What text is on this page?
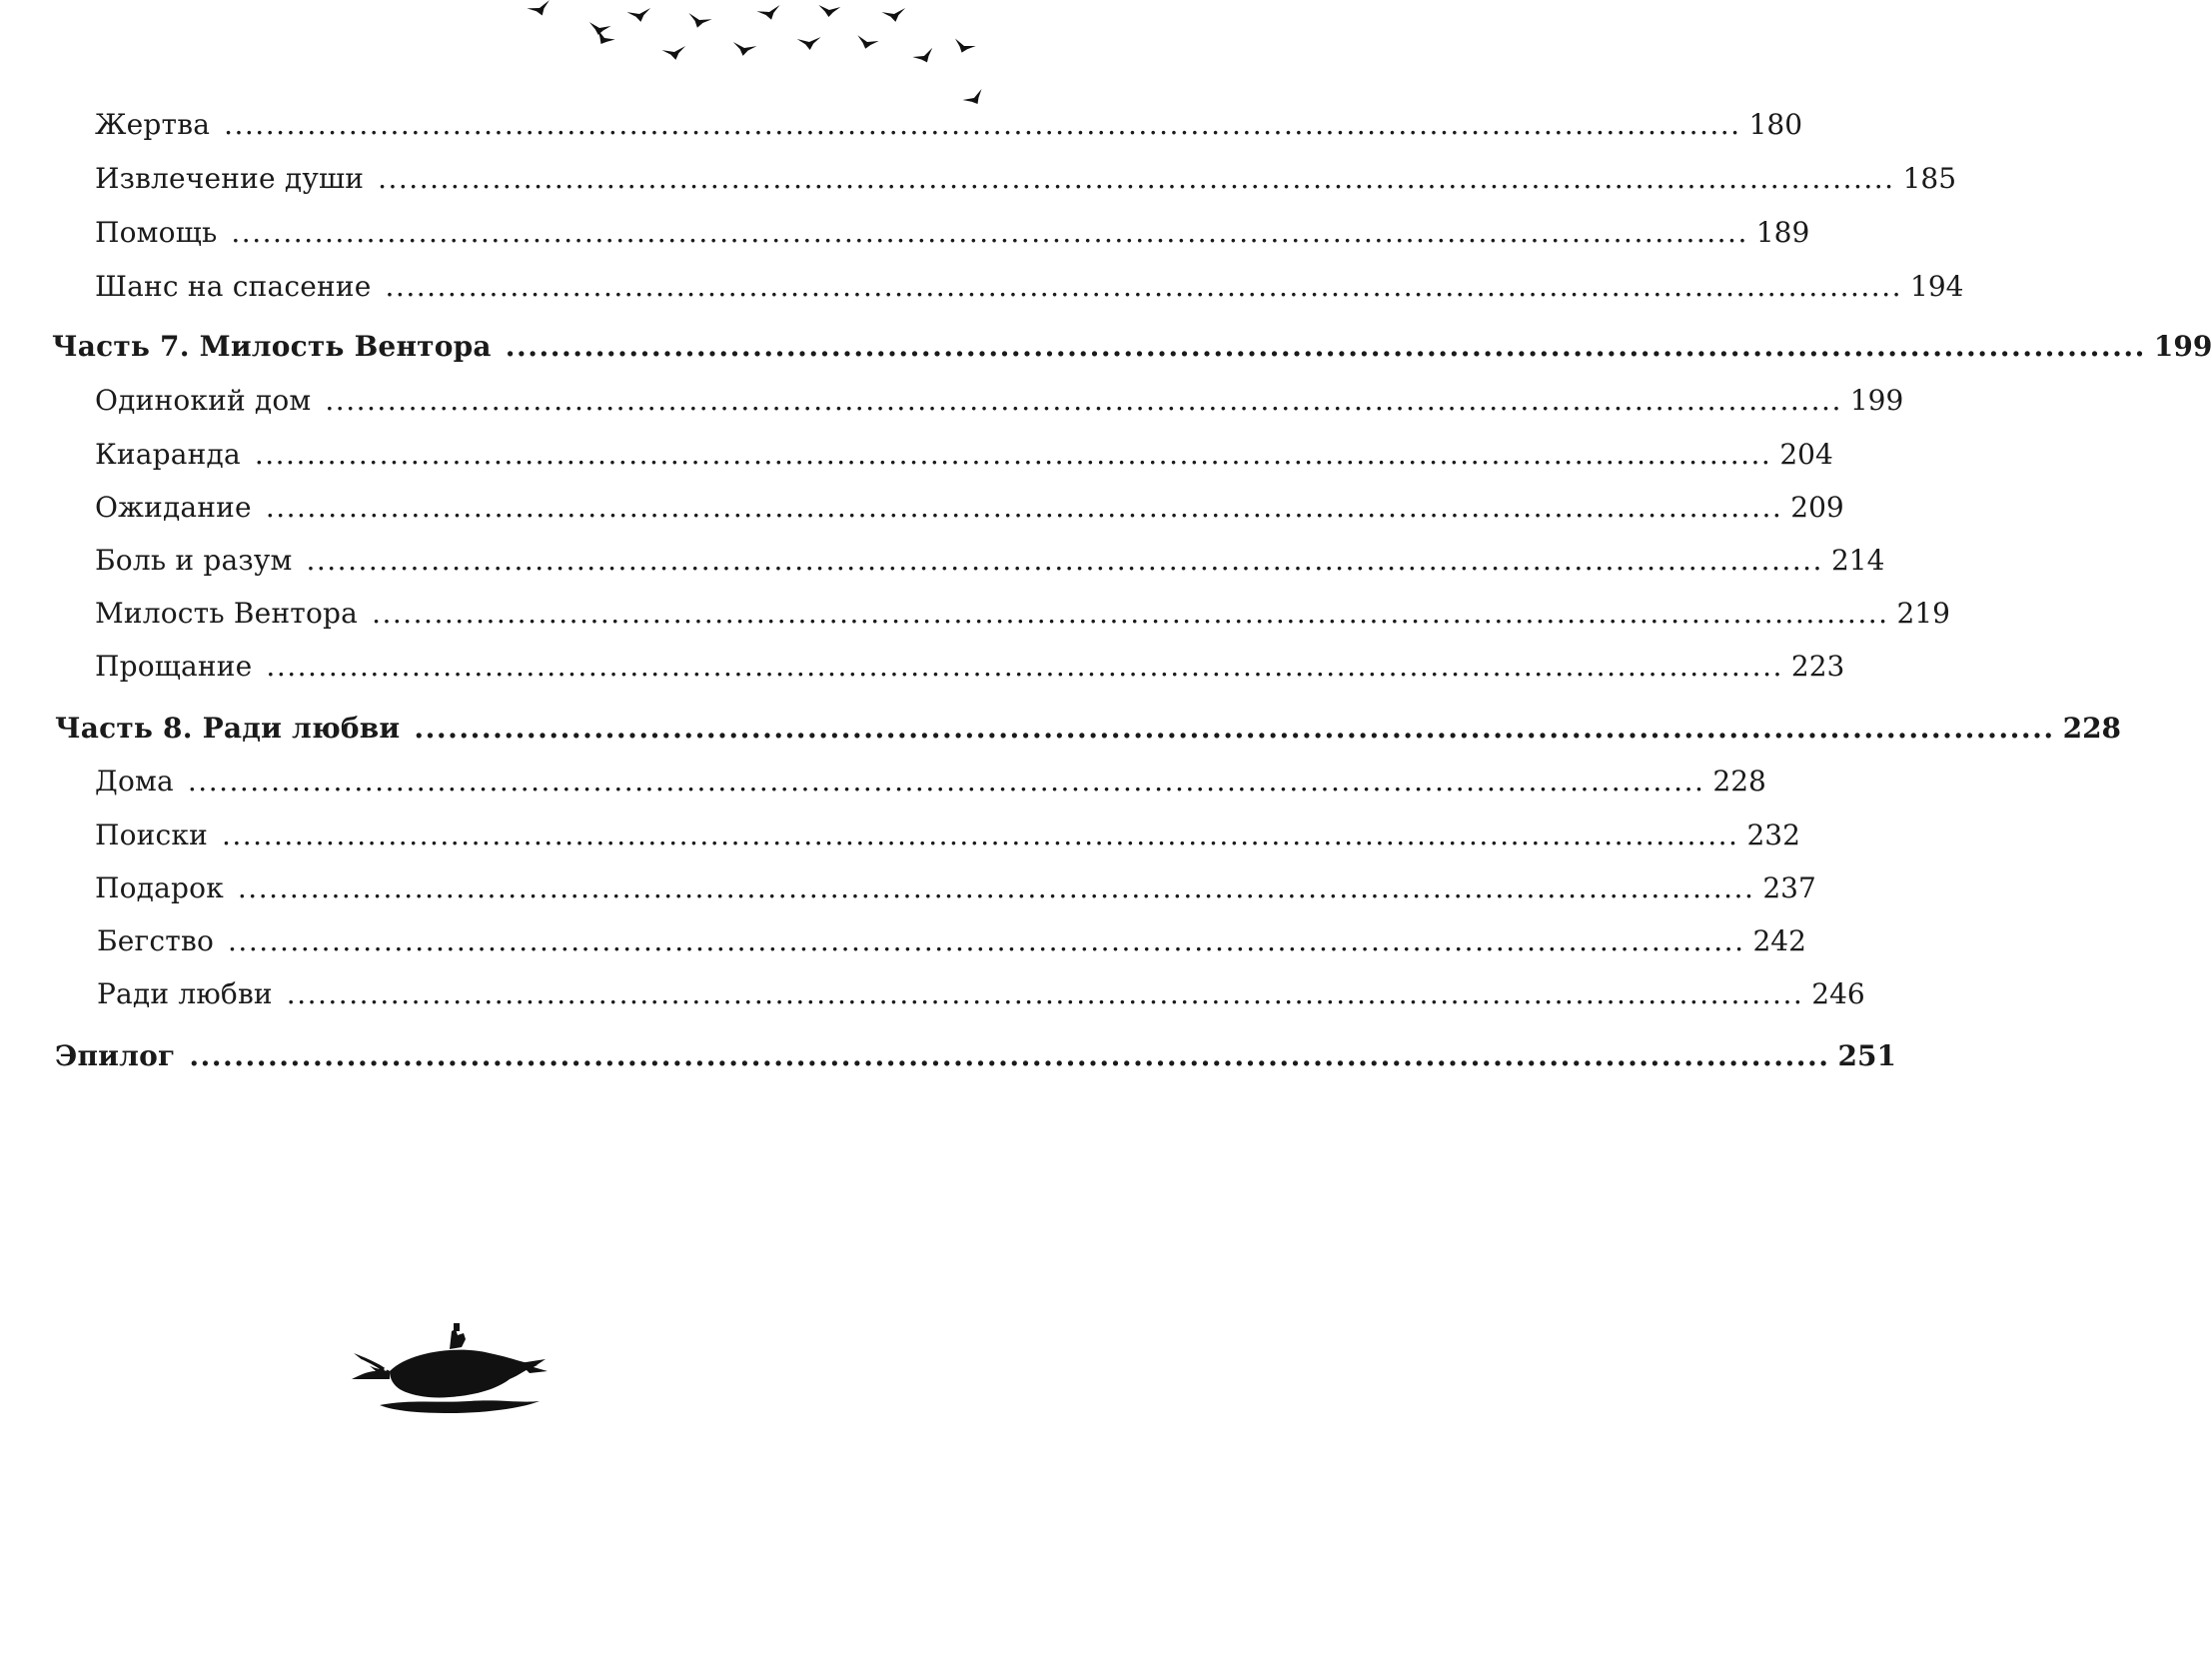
Жертва .................................................................................................................................................. 180
Извлечение души .................................................................................................................................................. 185
Помощь .................................................................................................................................................. 189
Шанс на спасение .................................................................................................................................................. 194
Часть 7. Милость Вентора .................................................................................................................................................. 199
Одинокий дом .................................................................................................................................................. 199
Киаранда .................................................................................................................................................. 204
Ожидание .................................................................................................................................................. 209
Боль и разум .................................................................................................................................................. 214
Милость Вентора .................................................................................................................................................. 219
Прощание .................................................................................................................................................. 223
Часть 8. Ради любви .................................................................................................................................................. 228
Дома .................................................................................................................................................. 228
Поиски .................................................................................................................................................. 232
Подарок .................................................................................................................................................. 237
Бегство .................................................................................................................................................. 242
Ради любви .................................................................................................................................................. 246
Эпилог .................................................................................................................................................. 251
